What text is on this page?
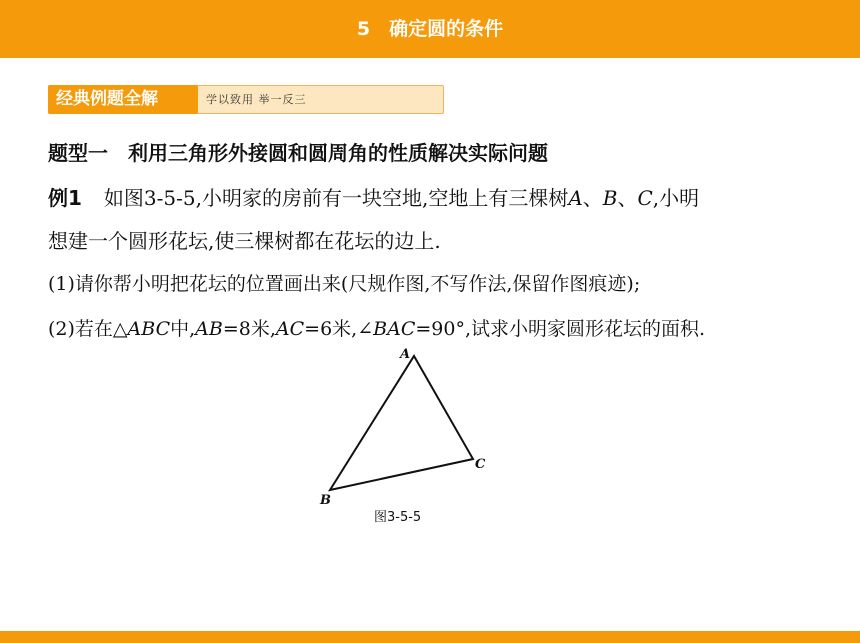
5　确定圆的条件
经典例题全解	学以致用 举一反三
题型一　利用三角形外接圆和圆周角的性质解决实际问题
例1 如图3-5-5,小明家的房前有一块空地,空地上有三棵树A、B、C,小明
想建一个圆形花坛,使三棵树都在花坛的边上.
(1)请你帮小明把花坛的位置画出来(尺规作图,不写作法,保留作图痕迹);
(2)若在△ABC中,AB=8米,AC=6米,∠BAC=90°,试求小明家圆形花坛的面积.
A
C
B
图3-5-5
